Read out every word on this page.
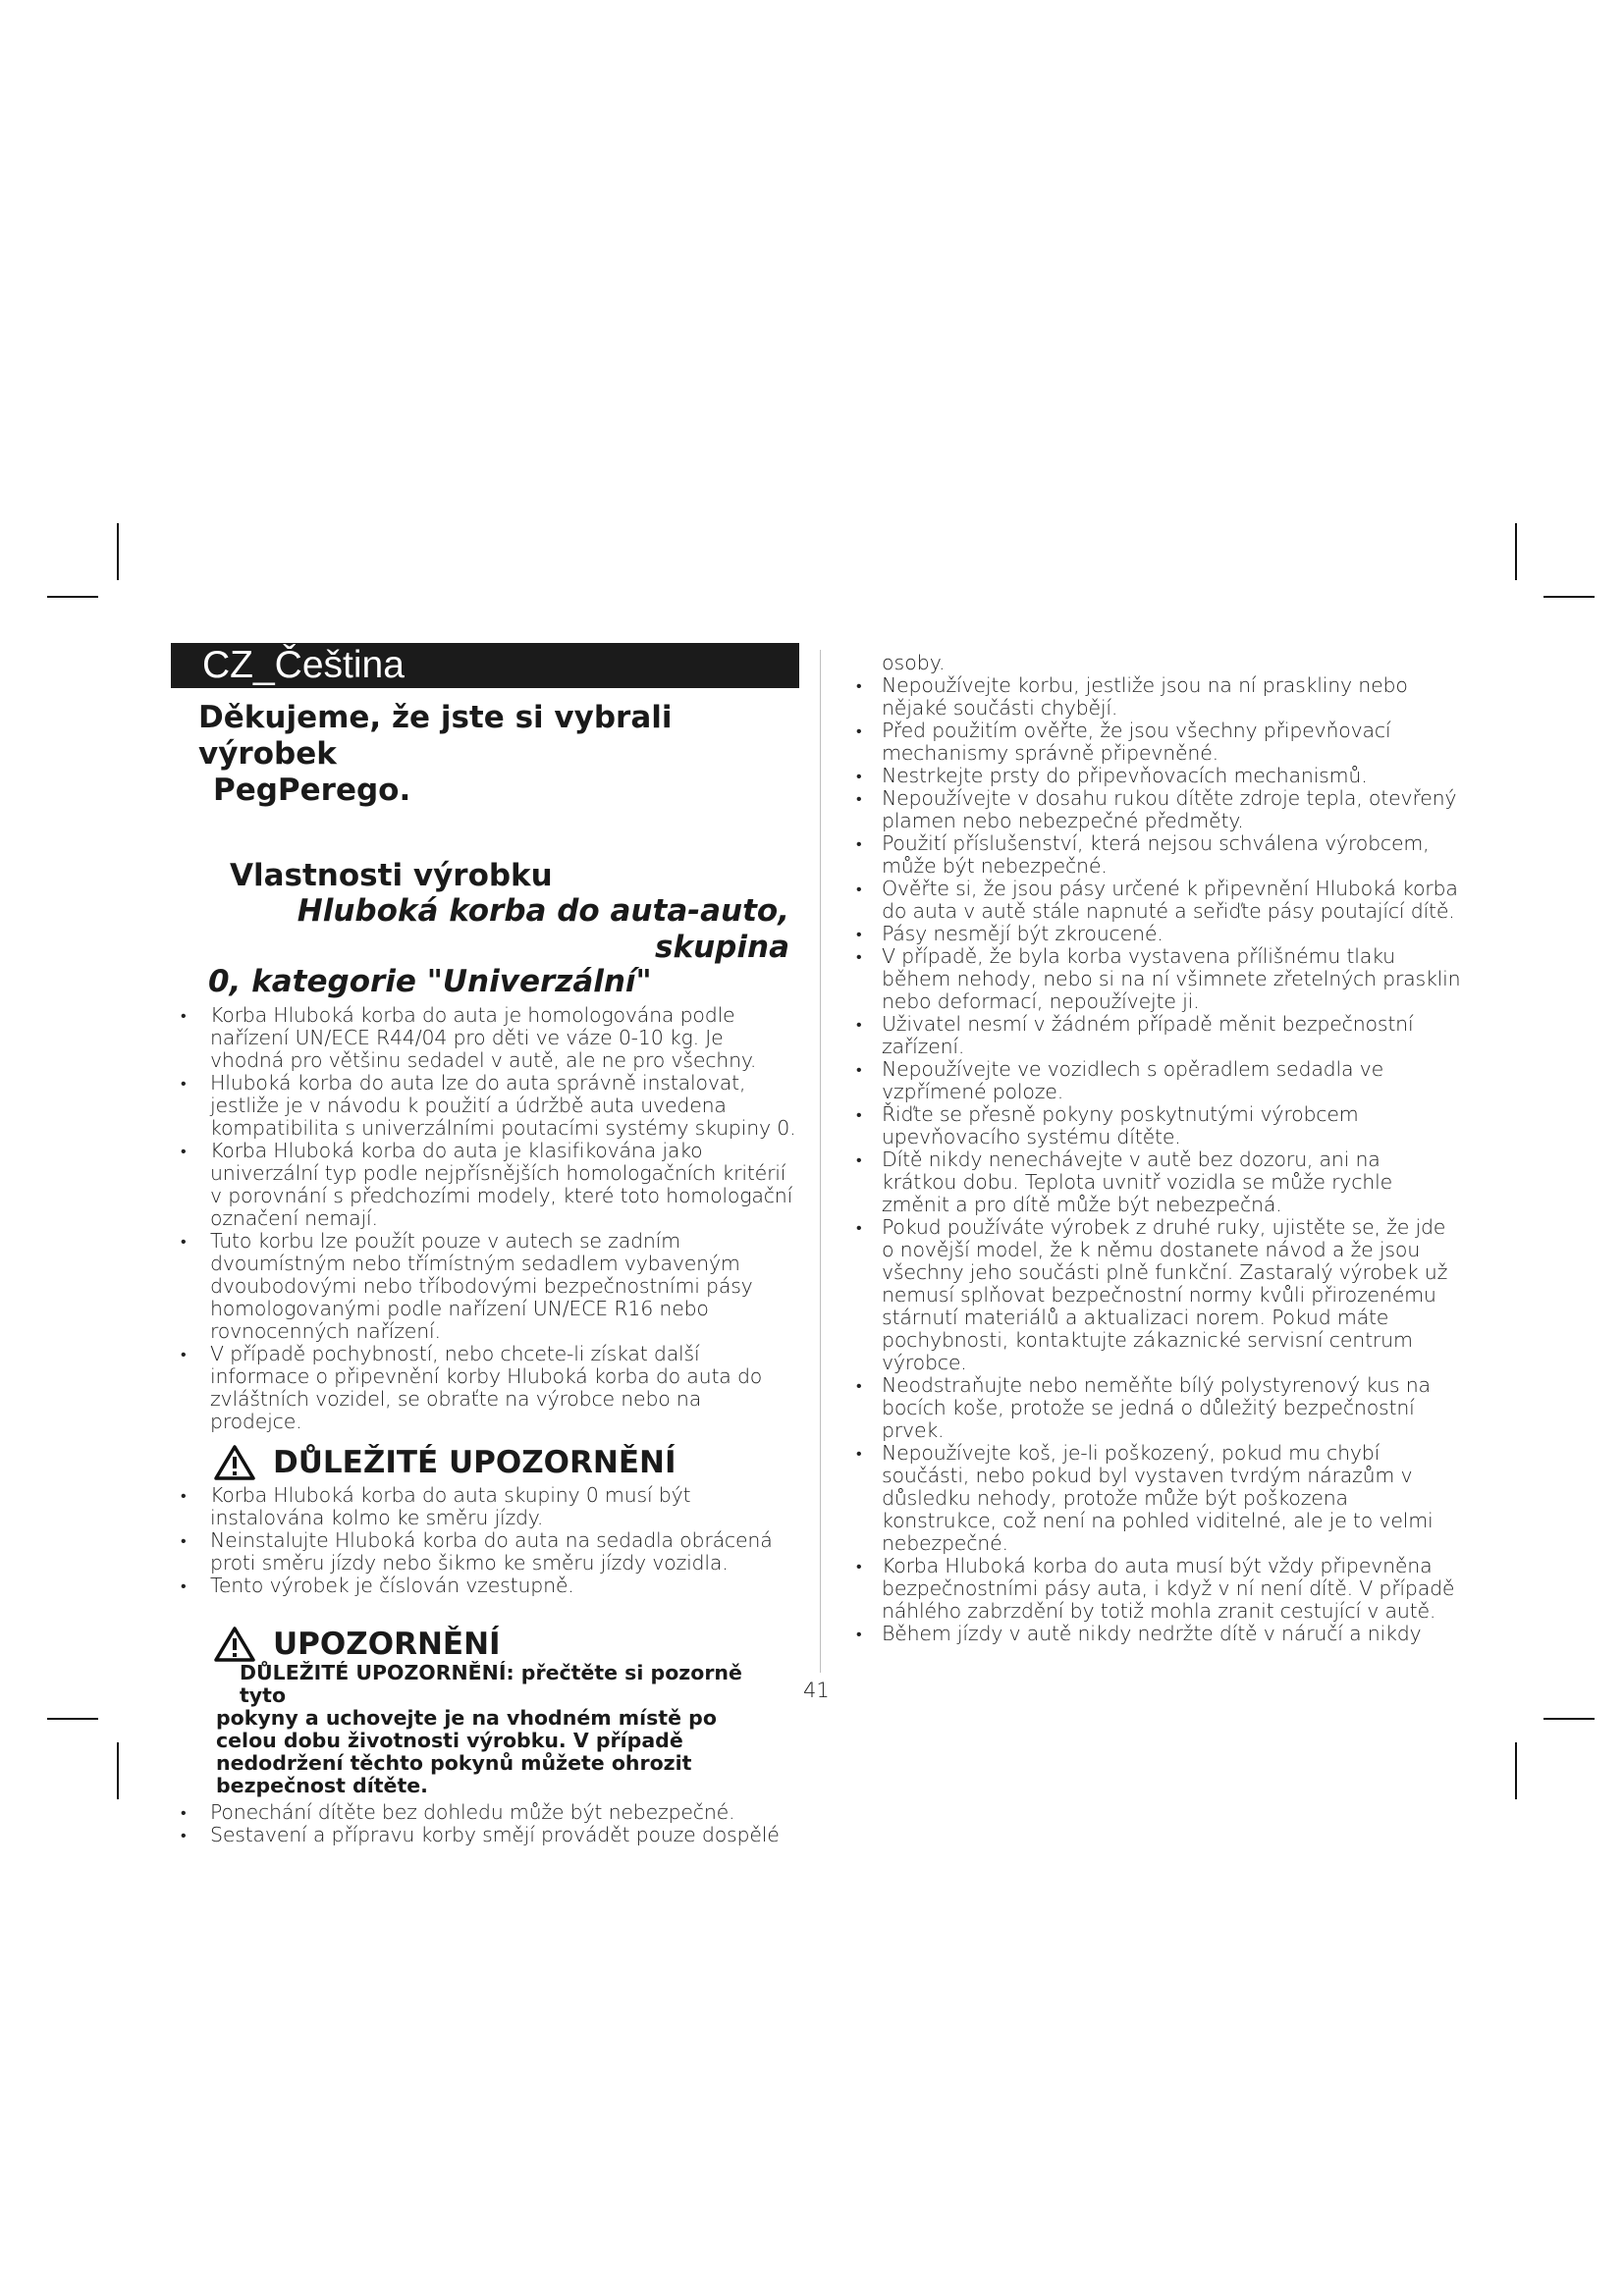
CZ_Čeština
Děkujeme, že jste si vybrali výrobek
PegPerego.
Vlastnosti výrobku
Hluboká korba do auta-auto, skupina
0, kategorie "Univerzální"
• Korba Hluboká korba do auta je homologována podle nařízení UN/ECE R44/04 pro děti ve váze 0-10 kg. Je vhodná pro většinu sedadel v autě, ale ne pro všechny.
• Hluboká korba do auta lze do auta správně instalovat, jestliže je v návodu k použití a údržbě auta uvedena kompatibilita s univerzálními poutacími systémy skupiny 0.
• Korba Hluboká korba do auta je klasifikována jako univerzální typ podle nejpřísnějších homologačních kritérií v porovnání s předchozími modely, které toto homologační označení nemají.
• Tuto korbu lze použít pouze v autech se zadním dvoumístným nebo třímístným sedadlem vybaveným dvoubodovými nebo tříbodovými bezpečnostními pásy homologovanými podle nařízení UN/ECE R16 nebo rovnocenných nařízení.
• V případě pochybností, nebo chcete-li získat další informace o připevnění korby Hluboká korba do auta do zvláštních vozidel, se obraťte na výrobce nebo na prodejce.
DŮLEŽITÉ UPOZORNĚNÍ
• Korba Hluboká korba do auta skupiny 0 musí být instalována kolmo ke směru jízdy.
• Neinstalujte Hluboká korba do auta na sedadla obrácená proti směru jízdy nebo šikmo ke směru jízdy vozidla.
• Tento výrobek je číslován vzestupně.
UPOZORNĚNÍ
DŮLEŽITÉ UPOZORNĚNÍ: přečtěte si pozorně tyto
pokyny a uchovejte je na vhodném místě po celou dobu životnosti výrobku. V případě nedodržení těchto pokynů můžete ohrozit bezpečnost dítěte.
• Ponechání dítěte bez dohledu může být nebezpečné.
• Sestavení a přípravu korby smějí provádět pouze dospělé
osoby.
• Nepoužívejte korbu, jestliže jsou na ní praskliny nebo nějaké součásti chybějí.
• Před použitím ověřte, že jsou všechny připevňovací mechanismy správně připevněné.
• Nestrkejte prsty do připevňovacích mechanismů.
• Nepoužívejte v dosahu rukou dítěte zdroje tepla, otevřený plamen nebo nebezpečné předměty.
• Použití příslušenství, která nejsou schválena výrobcem, může být nebezpečné.
• Ověřte si, že jsou pásy určené k připevnění Hluboká korba do auta v autě stále napnuté a seřiďte pásy poutající dítě.
• Pásy nesmějí být zkroucené.
• V případě, že byla korba vystavena přílišnému tlaku během nehody, nebo si na ní všimnete zřetelných prasklin nebo deformací, nepoužívejte ji.
• Uživatel nesmí v žádném případě měnit bezpečnostní zařízení.
• Nepoužívejte ve vozidlech s opěradlem sedadla ve vzpřímené poloze.
• Řiďte se přesně pokyny poskytnutými výrobcem upevňovacího systému dítěte.
• Dítě nikdy nenechávejte v autě bez dozoru, ani na krátkou dobu. Teplota uvnitř vozidla se může rychle změnit a pro dítě může být nebezpečná.
• Pokud používáte výrobek z druhé ruky, ujistěte se, že jde o novější model, že k němu dostanete návod a že jsou všechny jeho součásti plně funkční. Zastaralý výrobek už nemusí splňovat bezpečnostní normy kvůli přirozenému stárnutí materiálů a aktualizaci norem. Pokud máte pochybnosti, kontaktujte zákaznické servisní centrum výrobce.
• Neodstraňujte nebo neměňte bílý polystyrenový kus na bocích koše, protože se jedná o důležitý bezpečnostní prvek.
• Nepoužívejte koš, je-li poškozený, pokud mu chybí součásti, nebo pokud byl vystaven tvrdým nárazům v důsledku nehody, protože může být poškozena konstrukce, což není na pohled viditelné, ale je to velmi nebezpečné.
• Korba Hluboká korba do auta musí být vždy připevněna bezpečnostními pásy auta, i když v ní není dítě. V případě náhlého zabrzdění by totiž mohla zranit cestující v autě.
• Během jízdy v autě nikdy nedržte dítě v náručí a nikdy
41
